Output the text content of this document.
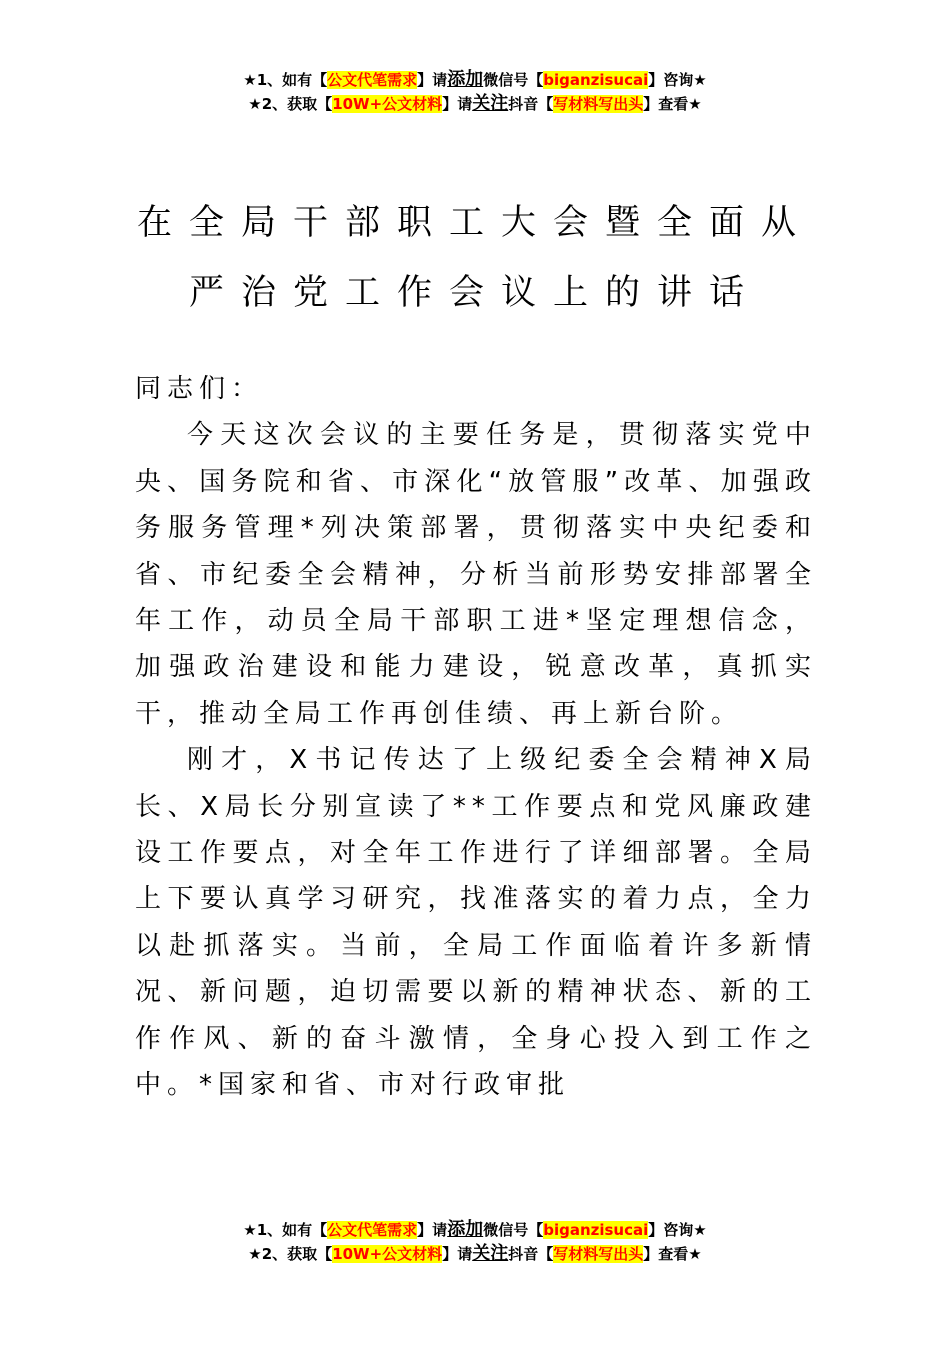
★1、如有【公文代笔需求】请添加微信号【biganzisucai】咨询★
★2、获取【10W+公文材料】请关注抖音【写材料写出头】查看★
在全局干部职工大会暨全面从
严治党工作会议上的讲话

同志们：

今天这次会议的主要任务是，贯彻落实党中央、国务院和省、市深化“放管服”改革、加强政务服务管理*列决策部署，贯彻落实中央纪委和省、市纪委全会精神，分析当前形势安排部署全年工作，动员全局干部职工进*坚定理想信念，加强政治建设和能力建设，锐意改革，真抓实干，推动全局工作再创佳绩、再上新台阶。

刚才，X书记传达了上级纪委全会精神X局长、X局长分别宣读了**工作要点和党风廉政建设工作要点，对全年工作进行了详细部署。全局上下要认真学习研究，找准落实的着力点，全力以赴抓落实。当前，全局工作面临着许多新情况、新问题，迫切需要以新的精神状态、新的工作作风、新的奋斗激情，全身心投入到工作之中。*国家和省、市对行政审批

★1、如有【公文代笔需求】请添加微信号【biganzisucai】咨询★
★2、获取【10W+公文材料】请关注抖音【写材料写出头】查看★
